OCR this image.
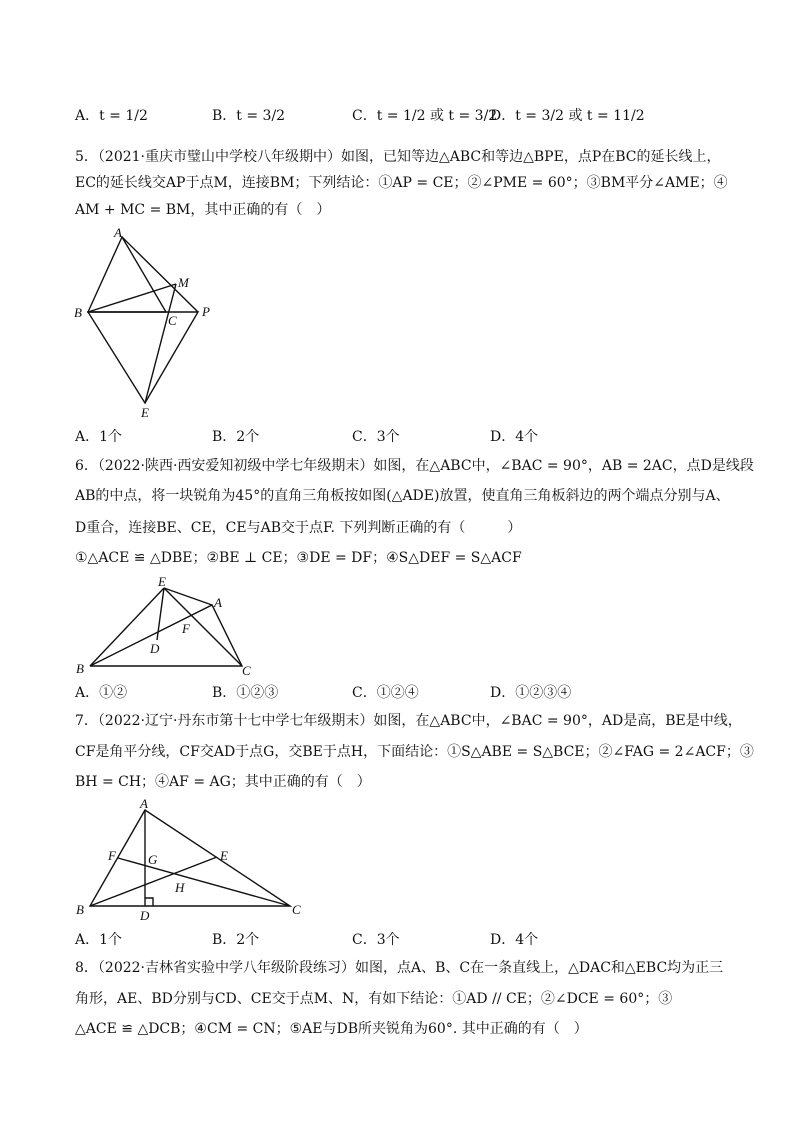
A．t = 1/2	B．t = 3/2	C．t = 1/2 或 t = 3/2
D．t = 3/2 或 t = 11/2
5．（2021·重庆市璧山中学校八年级期中）如图，已知等边△ABC和等边△BPE，点P在BC的延长线上，
EC的延长线交AP于点M，连接BM；下列结论：①AP = CE；②∠PME = 60°；③BM平分∠AME；④
AM + MC = BM，其中正确的有（　）
A
M
B
C
P
E
A．1个	B．2个	C．3个	D．4个
6．（2022·陕西·西安爱知初级中学七年级期末）如图，在△ABC中，∠BAC = 90°，AB = 2AC，点D是线段
AB的中点，将一块锐角为45°的直角三角板按如图(△ADE)放置，使直角三角板斜边的两个端点分别与A、
D重合，连接BE、CE，CE与AB交于点F. 下列判断正确的有（　　　）
①△ACE ≌ △DBE；②BE ⊥ CE；③DE = DF；④S△DEF = S△ACF
E
A
F
D
B	C
A．①②	B．①②③	C．①②④	D．①②③④
7．（2022·辽宁·丹东市第十七中学七年级期末）如图，在△ABC中，∠BAC = 90°，AD是高，BE是中线，
CF是角平分线，CF交AD于点G，交BE于点H，下面结论：①S△ABE = S△BCE；②∠FAG = 2∠ACF；③
BH = CH；④AF = AG；其中正确的有（　）
A
F G	E
H
B	D	C
A．1个	B．2个	C．3个	D．4个
8．（2022·吉林省实验中学八年级阶段练习）如图，点A、B、C在一条直线上，△DAC和△EBC均为正三
角形，AE、BD分别与CD、CE交于点M、N，有如下结论：①AD // CE；②∠DCE = 60°；③
△ACE ≌ △DCB；④CM = CN；⑤AE与DB所夹锐角为60°. 其中正确的有（　）
